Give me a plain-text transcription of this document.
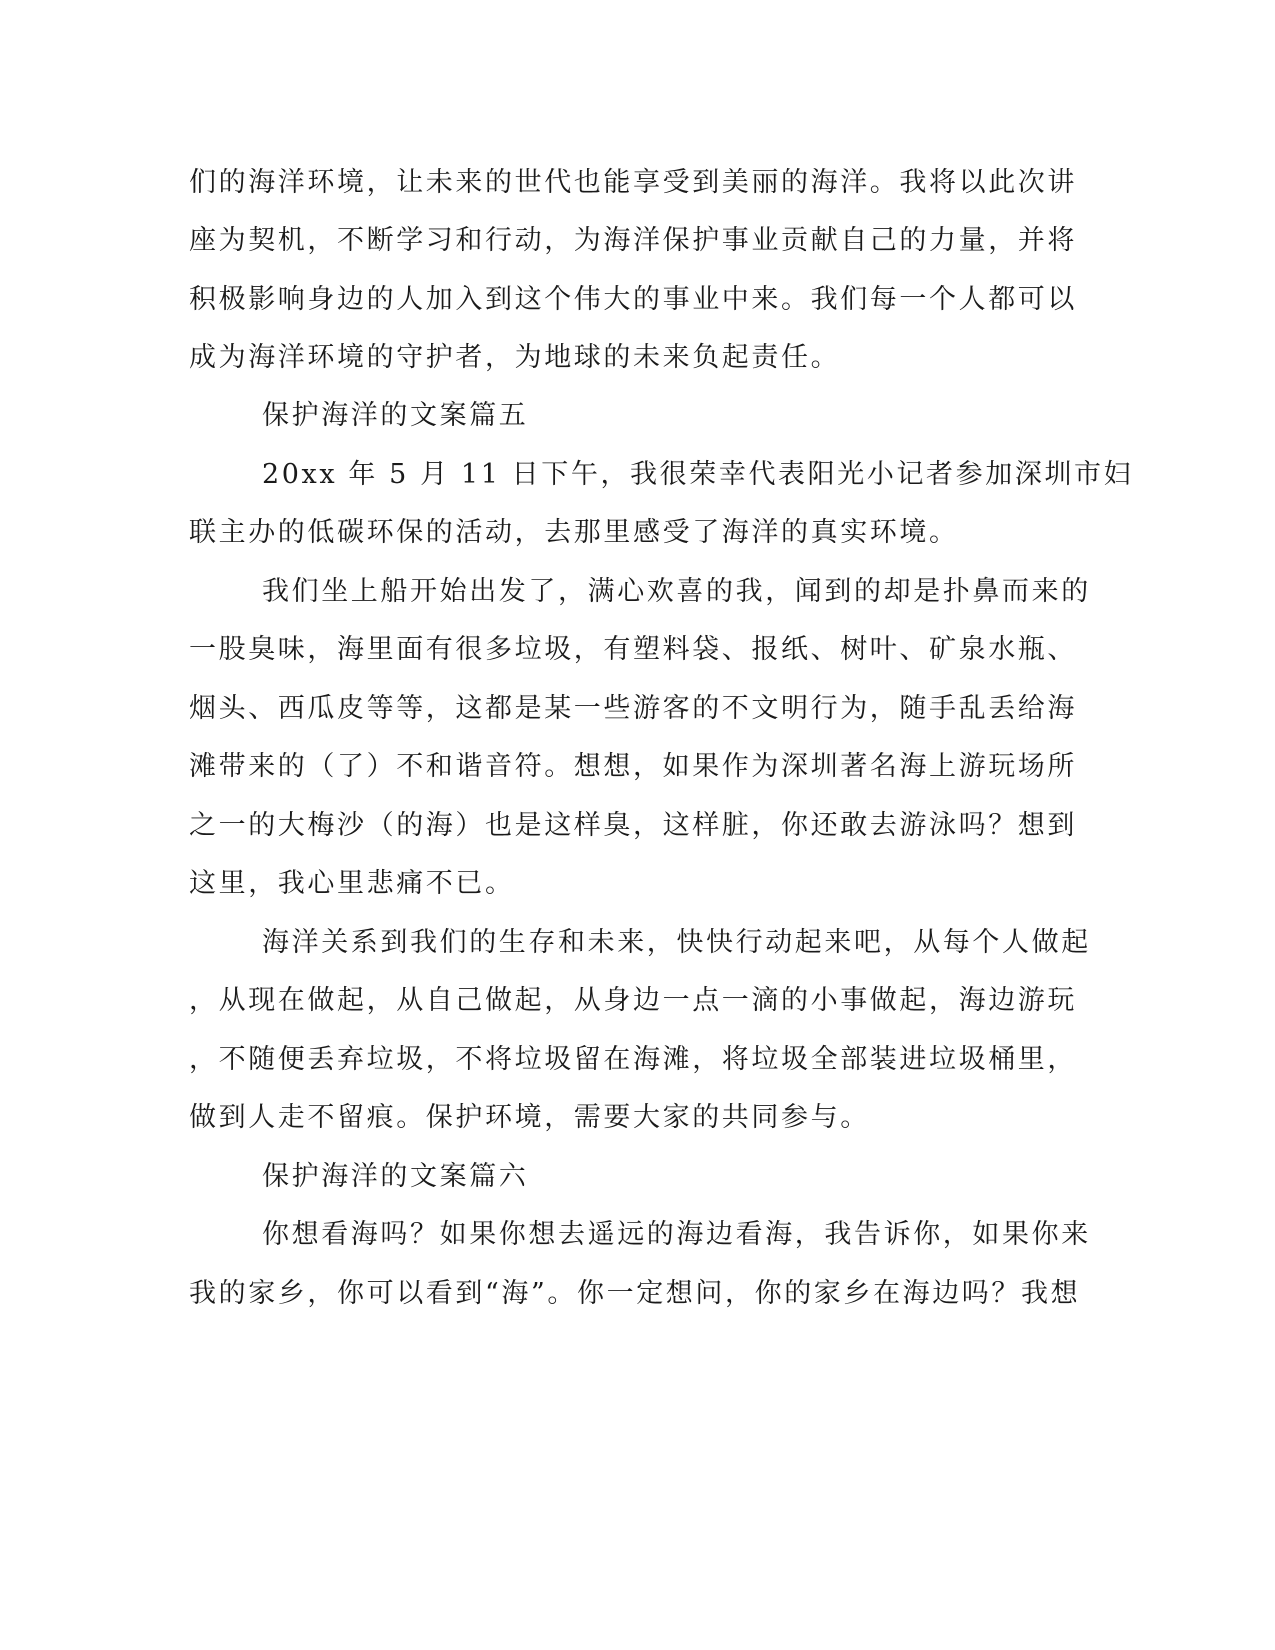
们的海洋环境，让未来的世代也能享受到美丽的海洋。我将以此次讲
座为契机，不断学习和行动，为海洋保护事业贡献自己的力量，并将
积极影响身边的人加入到这个伟大的事业中来。我们每一个人都可以
成为海洋环境的守护者，为地球的未来负起责任。
保护海洋的文案篇五
20xx 年 5 月 11 日下午，我很荣幸代表阳光小记者参加深圳市妇
联主办的低碳环保的活动，去那里感受了海洋的真实环境。
我们坐上船开始出发了，满心欢喜的我，闻到的却是扑鼻而来的
一股臭味，海里面有很多垃圾，有塑料袋、报纸、树叶、矿泉水瓶、
烟头、西瓜皮等等，这都是某一些游客的不文明行为，随手乱丢给海
滩带来的（了）不和谐音符。想想，如果作为深圳著名海上游玩场所
之一的大梅沙（的海）也是这样臭，这样脏，你还敢去游泳吗？想到
这里，我心里悲痛不已。
海洋关系到我们的生存和未来，快快行动起来吧，从每个人做起
，从现在做起，从自己做起，从身边一点一滴的小事做起，海边游玩
，不随便丢弃垃圾，不将垃圾留在海滩，将垃圾全部装进垃圾桶里，
做到人走不留痕。保护环境，需要大家的共同参与。
保护海洋的文案篇六
你想看海吗？如果你想去遥远的海边看海，我告诉你，如果你来
我的家乡，你可以看到“海”。你一定想问，你的家乡在海边吗？我想
